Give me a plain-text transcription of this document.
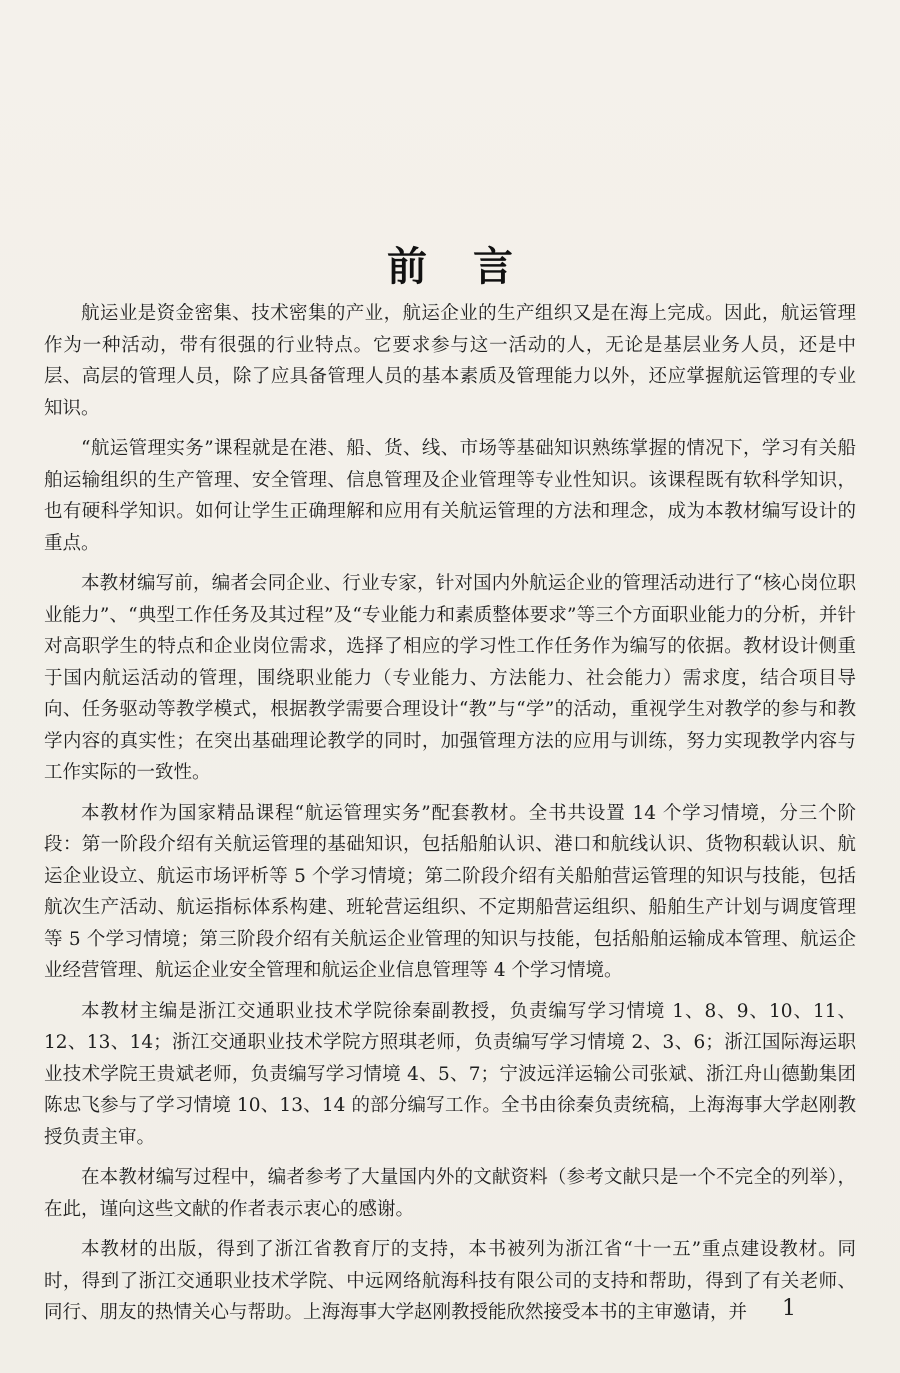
前言

航运业是资金密集、技术密集的产业，航运企业的生产组织又是在海上完成。因此，航运管理作为一种活动，带有很强的行业特点。它要求参与这一活动的人，无论是基层业务人员，还是中层、高层的管理人员，除了应具备管理人员的基本素质及管理能力以外，还应掌握航运管理的专业知识。

“航运管理实务”课程就是在港、船、货、线、市场等基础知识熟练掌握的情况下，学习有关船舶运输组织的生产管理、安全管理、信息管理及企业管理等专业性知识。该课程既有软科学知识，也有硬科学知识。如何让学生正确理解和应用有关航运管理的方法和理念，成为本教材编写设计的重点。

本教材编写前，编者会同企业、行业专家，针对国内外航运企业的管理活动进行了“核心岗位职业能力”、“典型工作任务及其过程”及“专业能力和素质整体要求”等三个方面职业能力的分析，并针对高职学生的特点和企业岗位需求，选择了相应的学习性工作任务作为编写的依据。教材设计侧重于国内航运活动的管理，围绕职业能力（专业能力、方法能力、社会能力）需求度，结合项目导向、任务驱动等教学模式，根据教学需要合理设计“教”与“学”的活动，重视学生对教学的参与和教学内容的真实性；在突出基础理论教学的同时，加强管理方法的应用与训练，努力实现教学内容与工作实际的一致性。

本教材作为国家精品课程“航运管理实务”配套教材。全书共设置 14 个学习情境，分三个阶段：第一阶段介绍有关航运管理的基础知识，包括船舶认识、港口和航线认识、货物积载认识、航运企业设立、航运市场评析等 5 个学习情境；第二阶段介绍有关船舶营运管理的知识与技能，包括航次生产活动、航运指标体系构建、班轮营运组织、不定期船营运组织、船舶生产计划与调度管理等 5 个学习情境；第三阶段介绍有关航运企业管理的知识与技能，包括船舶运输成本管理、航运企业经营管理、航运企业安全管理和航运企业信息管理等 4 个学习情境。

本教材主编是浙江交通职业技术学院徐秦副教授，负责编写学习情境 1、8、9、10、11、12、13、14；浙江交通职业技术学院方照琪老师，负责编写学习情境 2、3、6；浙江国际海运职业技术学院王贵斌老师，负责编写学习情境 4、5、7；宁波远洋运输公司张斌、浙江舟山德勤集团陈忠飞参与了学习情境 10、13、14 的部分编写工作。全书由徐秦负责统稿，上海海事大学赵刚教授负责主审。

在本教材编写过程中，编者参考了大量国内外的文献资料（参考文献只是一个不完全的列举），在此，谨向这些文献的作者表示衷心的感谢。

本教材的出版，得到了浙江省教育厅的支持，本书被列为浙江省“十一五”重点建设教材。同时，得到了浙江交通职业技术学院、中远网络航海科技有限公司的支持和帮助，得到了有关老师、同行、朋友的热情关心与帮助。上海海事大学赵刚教授能欣然接受本书的主审邀请，并	1
